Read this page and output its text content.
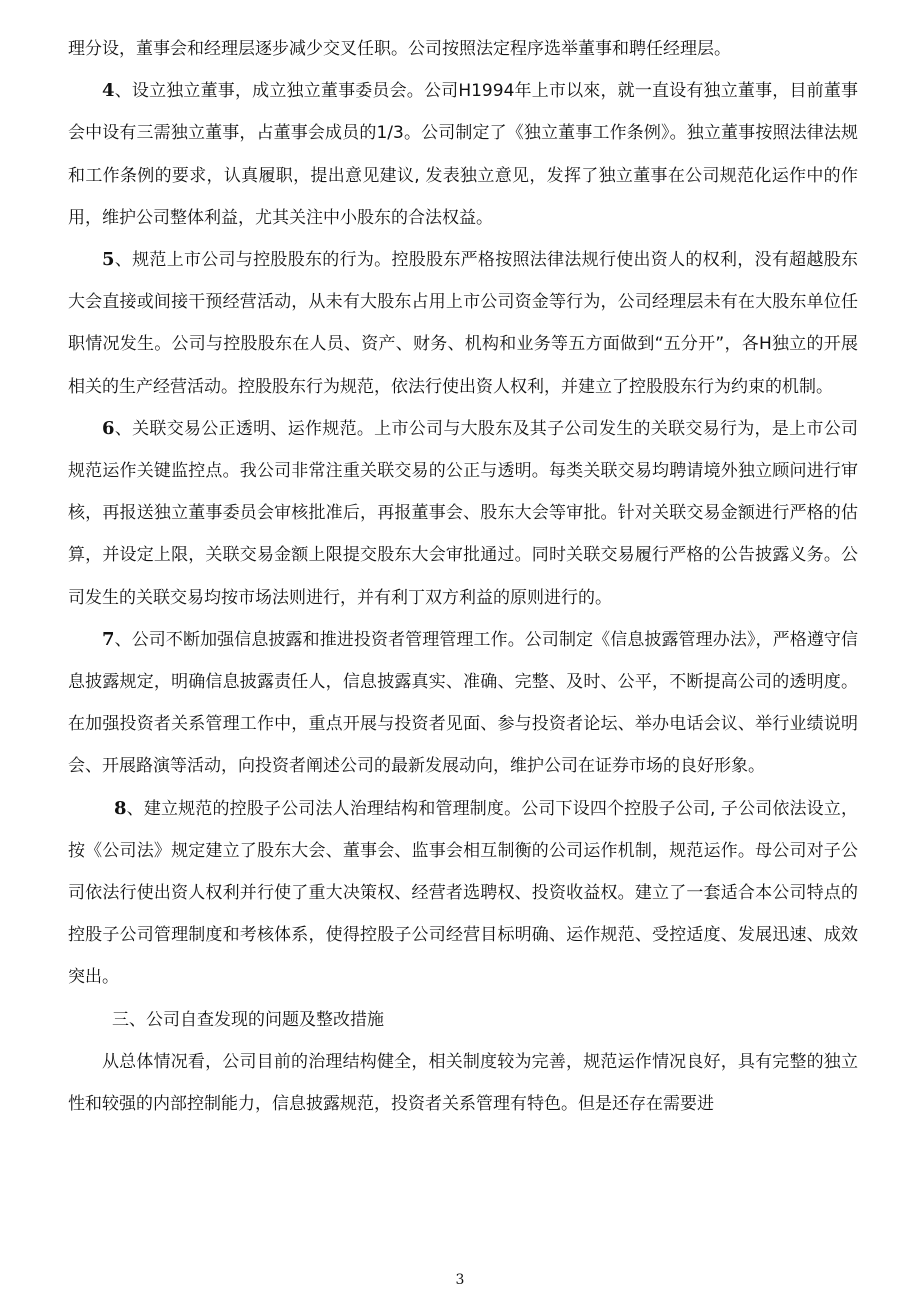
理分设，董事会和经理层逐步减少交叉任职。公司按照法定程序选举董事和聘任经理层。

4、设立独立董事，成立独立董事委员会。公司H1994年上市以來，就一直设有独立董事，目前董事会中设有三需独立董事，占董事会成员的1/3。公司制定了《独立董事工作条例》。独立董事按照法律法规和工作条例的要求，认真履职，提出意见建议, 发表独立意见，发挥了独立董事在公司规范化运作中的作用，维护公司整体利益，尤其关注中小股东的合法权益。

5、规范上市公司与控股股东的行为。控股股东严格按照法律法规行使出资人的权利，没有超越股东大会直接或间接干预经营活动，从未有大股东占用上市公司资金等行为，公司经理层未有在大股东单位任职情况发生。公司与控股股东在人员、资产、财务、机构和业务等五方面做到“五分开”，各H独立的开展相关的生产经营活动。控股股东行为规范，依法行使出资人权利，并建立了控股股东行为约束的机制。

6、关联交易公正透明、运作规范。上市公司与大股东及其子公司发生的关联交易行为，是上市公司规范运作关键监控点。我公司非常注重关联交易的公正与透明。每类关联交易均聘请境外独立顾问进行审核，再报送独立董事委员会审核批准后，再报董事会、股东大会等审批。针对关联交易金额进行严格的估算，并设定上限，关联交易金额上限提交股东大会审批通过。同时关联交易履行严格的公告披露义务。公司发生的关联交易均按市场法则进行，并有利丁双方利益的原则进行的。

7、公司不断加强信息披露和推进投资者管理管理工作。公司制定《信息披露管理办法》，严格遵守信息披露规定，明确信息披露责任人，信息披露真实、准确、完整、及时、公平，不断提高公司的透明度。在加强投资者关系管理工作中，重点开展与投资者见面、参与投资者论坛、举办电话会议、举行业绩说明会、开展路演等活动，向投资者阐述公司的最新发展动向，维护公司在证券市场的良好形象。

8、建立规范的控股子公司法人治理结构和管理制度。公司下设四个控股子公司, 子公司依法设立，按《公司法》规定建立了股东大会、董事会、监事会相互制衡的公司运作机制，规范运作。母公司对子公司依法行使出资人权利并行使了重大决策权、经营者选聘权、投资收益权。建立了一套适合本公司特点的控股子公司管理制度和考核体系，使得控股子公司经营目标明确、运作规范、受控适度、发展迅速、成效突出。

三、公司自查发现的问题及整改措施

从总体情况看，公司目前的治理结构健全，相关制度较为完善，规范运作情况良好，具有完整的独立性和较强的内部控制能力，信息披露规范，投资者关系管理有特色。但是还存在需要进

3
